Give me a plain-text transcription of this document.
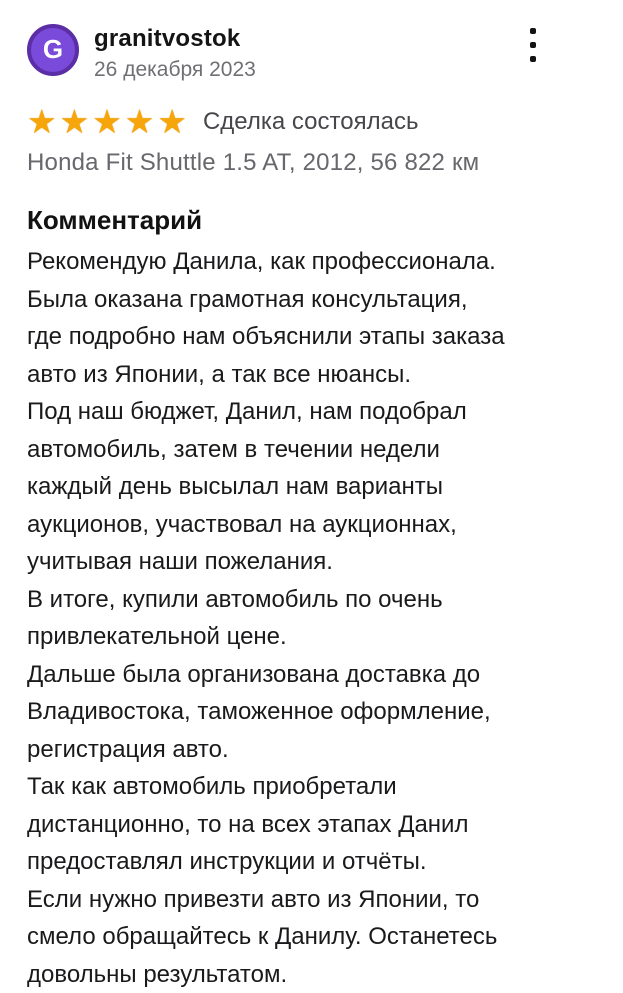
G granitvostok
26 декабря 2023
★ ★ ★ ★ ★ Сделка состоялась
Honda Fit Shuttle 1.5 AT, 2012, 56 822 км
Комментарий
Рекомендую Данила, как профессионала.
Была оказана грамотная консультация,
где подробно нам объяснили этапы заказа
авто из Японии, а так все нюансы.
Под наш бюджет, Данил, нам подобрал
автомобиль, затем в течении недели
каждый день высылал нам варианты
аукционов, участвовал на аукционнах,
учитывая наши пожелания.
В итоге, купили автомобиль по очень
привлекательной цене.
Дальше была организована доставка до
Владивостока, таможенное оформление,
регистрация авто.
Так как автомобиль приобретали
дистанционно, то на всех этапах Данил
предоставлял инструкции и отчёты.
Если нужно привезти авто из Японии, то
смело обращайтесь к Данилу. Останетесь
довольны результатом.
